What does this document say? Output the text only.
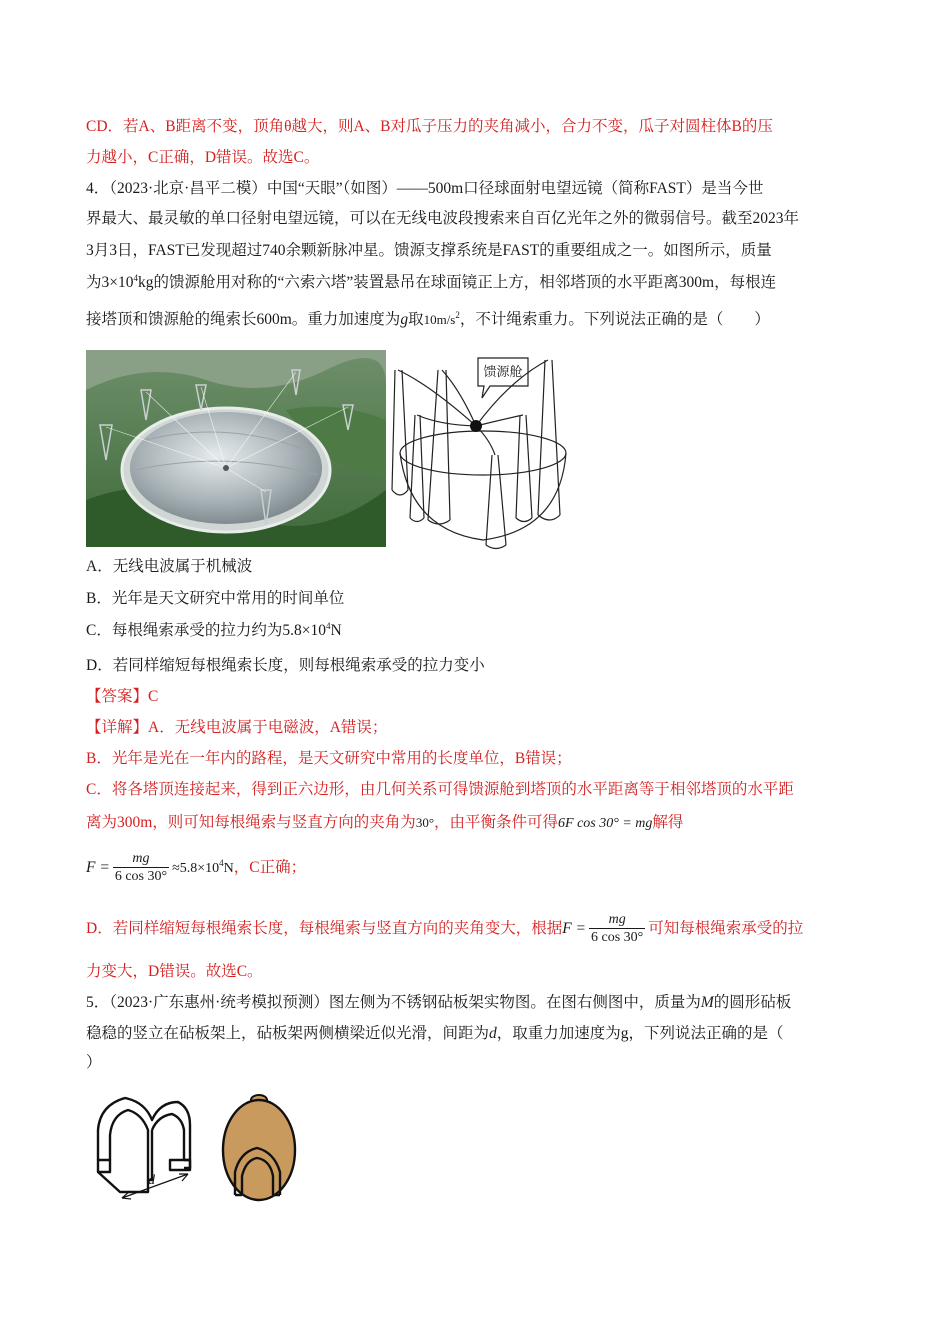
CD．若A、B距离不变，顶角θ越大，则A、B对瓜子压力的夹角减小，合力不变，瓜子对圆柱体B的压
力越小，C正确，D错误。故选C。
4．（2023·北京·昌平二模）中国“天眼”（如图）——500m口径球面射电望远镜（简称FAST）是当今世
界最大、最灵敏的单口径射电望远镜，可以在无线电波段搜索来自百亿光年之外的微弱信号。截至2023年
3月3日，FAST已发现超过740余颗新脉冲星。馈源支撑系统是FAST的重要组成之一。如图所示，质量
为$3\times 10^4kg$的馈源舱用对称的“六索六塔”装置悬吊在球面镜正上方，相邻塔顶的水平距离300m，每根连
接塔顶和馈源舱的绳索长600m。重力加速度为g取$10m/s^2$，不计绳索重力。下列说法正确的是（　　）
馈源舱
A．无线电波属于机械波
B．光年是天文研究中常用的时间单位
C．每根绳索承受的拉力约为$5.8\times 10^4N$
D．若同样缩短每根绳索长度，则每根绳索承受的拉力变小
【答案】C
【详解】A．无线电波属于电磁波，A错误；
B．光年是光在一年内的路程，是天文研究中常用的长度单位，B错误；
C．将各塔顶连接起来，得到正六边形，由几何关系可得馈源舱到塔顶的水平距离等于相邻塔顶的水平距
离为300m，则可知每根绳索与竖直方向的夹角为30°，由平衡条件可得6F cos 30° = mg解得
$F = \frac{mg}{6 \cos 30^\circ} \approx 5.8\times 10^4N$，C正确；
D．若同样缩短每根绳索长度，每根绳索与竖直方向的夹角变大，根据$F = \frac{mg}{6 \cos 30^\circ}$ 可知每根绳索承受的拉
力变大，D错误。故选C。
5．（2023·广东惠州·统考模拟预测）图左侧为不锈钢砧板架实物图。在图右侧图中，质量为M的圆形砧板
稳稳的竖立在砧板架上，砧板架两侧横梁近似光滑，间距为d，取重力加速度为g，下列说法正确的是（
）
d
